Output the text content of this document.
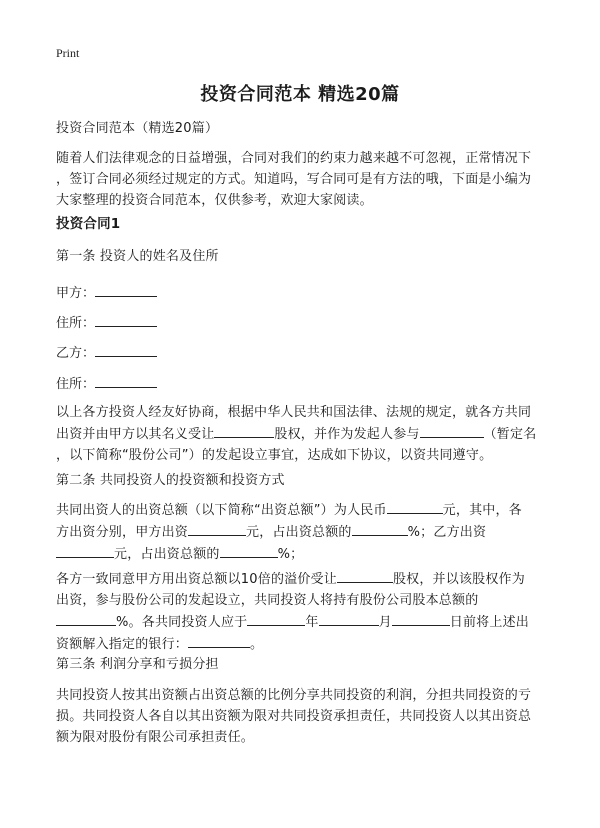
Print
投资合同范本 精选20篇
投资合同范本（精选20篇）
随着人们法律观念的日益增强，合同对我们的约束力越来越不可忽视，正常情况下
，签订合同必须经过规定的方式。知道吗，写合同可是有方法的哦，下面是小编为
大家整理的投资合同范本，仅供参考，欢迎大家阅读。
投资合同1
第一条 投资人的姓名及住所
甲方：
住所：
乙方：
住所：
以上各方投资人经友好协商，根据中华人民共和国法律、法规的规定，就各方共同
出资并由甲方以其名义受让	股权，并作为发起人参与	（暂定名
，以下简称“股份公司”）的发起设立事宜，达成如下协议，以资共同遵守。
第二条 共同投资人的投资额和投资方式
共同出资人的出资总额（以下简称“出资总额”）为人民币	元，其中，各
方出资分别，甲方出资	元，占出资总额的	%；乙方出资
元，占出资总额的	%；
各方一致同意甲方用出资总额以10倍的溢价受让	股权，并以该股权作为
出资，参与股份公司的发起设立，共同投资人将持有股份公司股本总额的
%。各共同投资人应于	年	月	日前将上述出
资额解入指定的银行：	。
第三条 利润分享和亏损分担
共同投资人按其出资额占出资总额的比例分享共同投资的利润，分担共同投资的亏
损。共同投资人各自以其出资额为限对共同投资承担责任，共同投资人以其出资总
额为限对股份有限公司承担责任。
